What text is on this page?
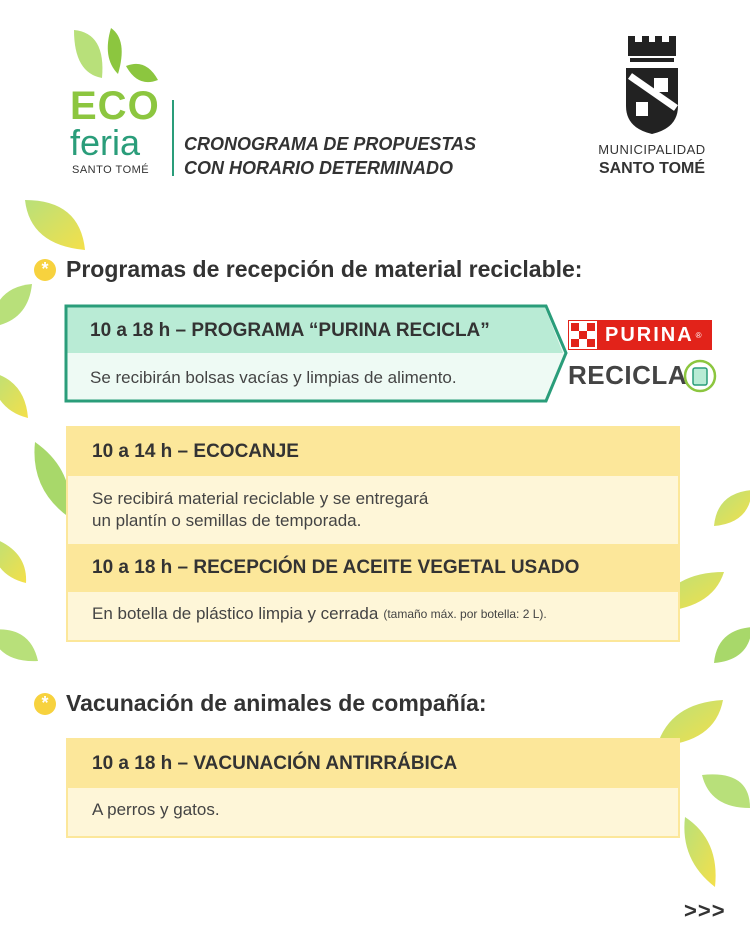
ECO
feria
SANTO TOMÉ
CRONOGRAMA DE PROPUESTAS
CON HORARIO DETERMINADO
MUNICIPALIDAD
SANTO TOMÉ
* Programas de recepción de material reciclable:
10 a 18 h – PROGRAMA “PURINA RECICLA”
Se recibirán bolsas vacías y limpias de alimento.
PURINA ®
RECICLA
10 a 14 h – ECOCANJE
Se recibirá material reciclable y se entregará
un plantín o semillas de temporada.
10 a 18 h – RECEPCIÓN DE ACEITE VEGETAL USADO
En botella de plástico limpia y cerrada (tamaño máx. por botella: 2 L).
* Vacunación de animales de compañía:
10 a 18 h – VACUNACIÓN ANTIRRÁBICA
A perros y gatos.
>>>
